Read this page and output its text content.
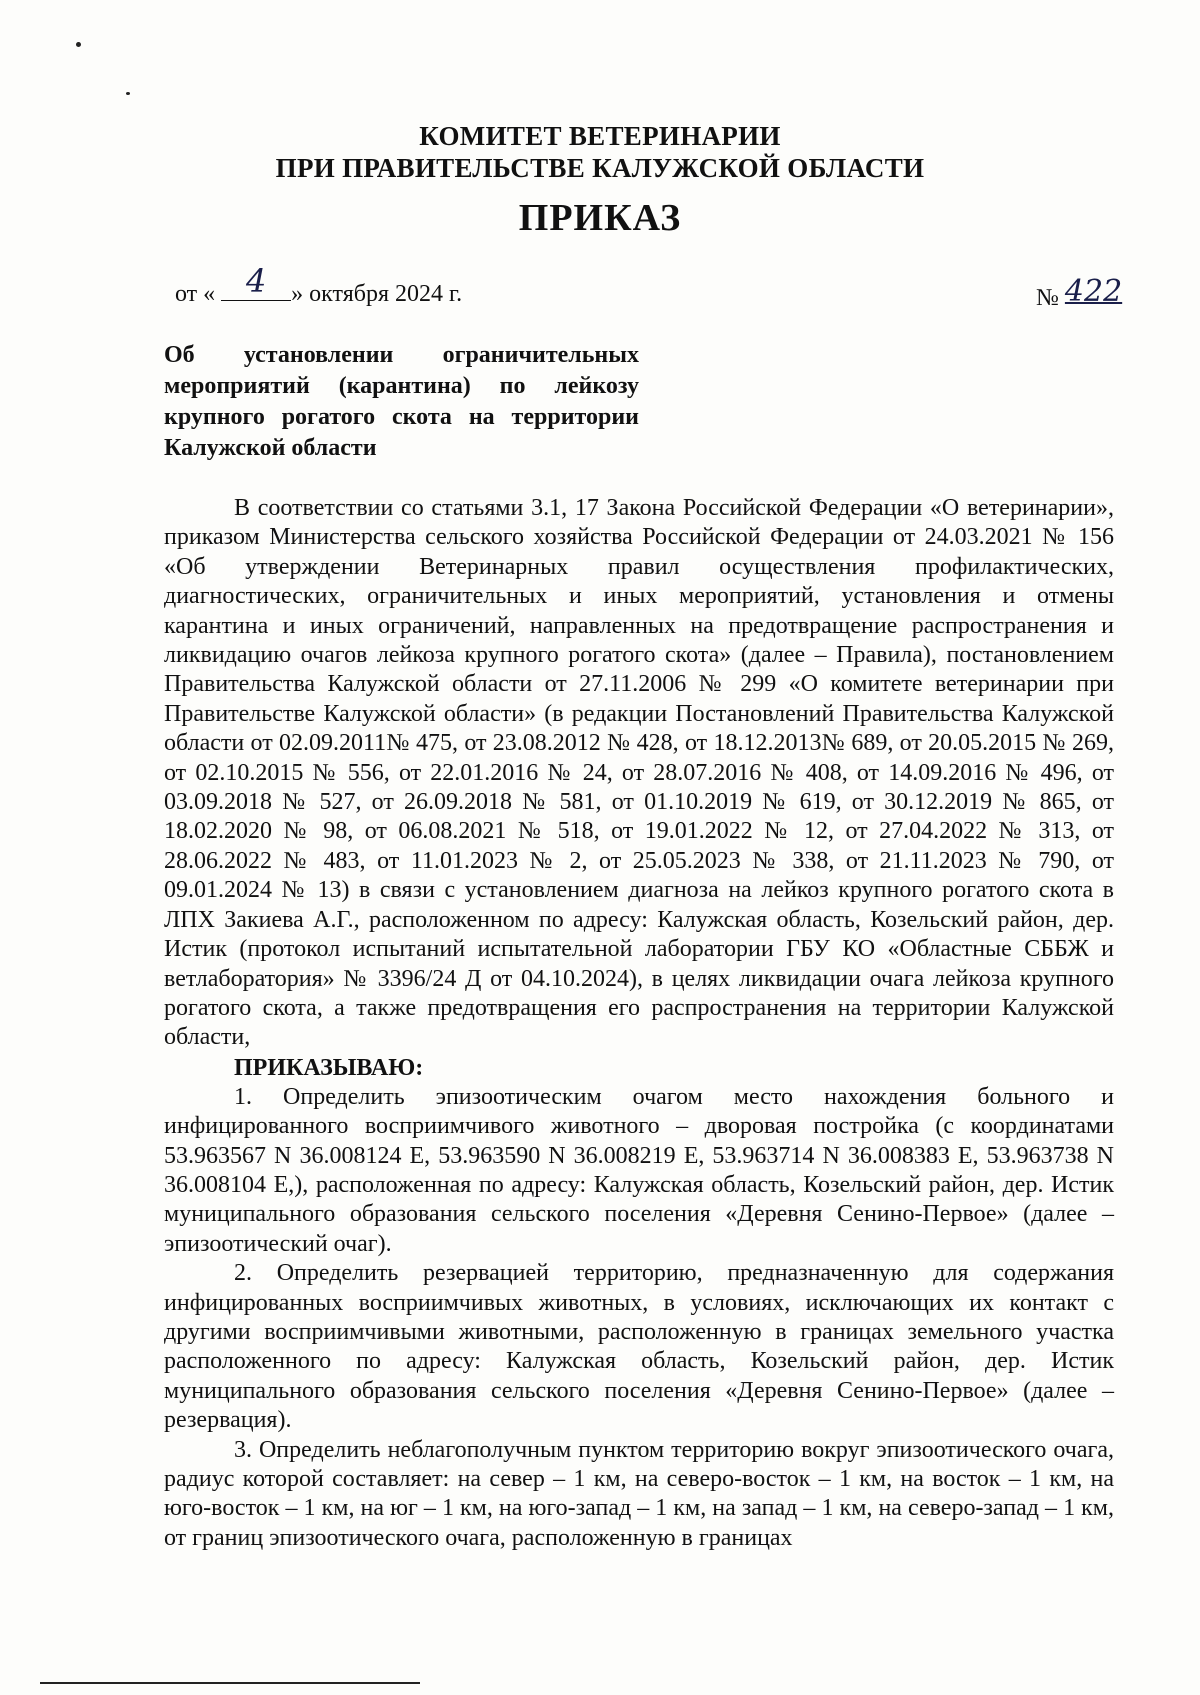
КОМИТЕТ ВЕТЕРИНАРИИ
ПРИ ПРАВИТЕЛЬСТВЕ КАЛУЖСКОЙ ОБЛАСТИ
ПРИКАЗ
от « 4	» октября 2024 г.	№ 422
Об установлении ограничительных
мероприятий (карантина) по лейкозу
крупного рогатого скота на территории
Калужской области

В соответствии со статьями 3.1, 17 Закона Российской Федерации «О ветеринарии», приказом Министерства сельского хозяйства Российской Федерации от 24.03.2021 № 156 «Об утверждении Ветеринарных правил осуществления профилактических, диагностических, ограничительных и иных мероприятий, установления и отмены карантина и иных ограничений, направленных на предотвращение распространения и ликвидацию очагов лейкоза крупного рогатого скота» (далее – Правила), постановлением Правительства Калужской области от 27.11.2006 № 299 «О комитете ветеринарии при Правительстве Калужской области» (в редакции Постановлений Правительства Калужской области от 02.09.2011№ 475, от 23.08.2012 № 428, от 18.12.2013№ 689, от 20.05.2015 № 269, от 02.10.2015 № 556, от 22.01.2016 № 24, от 28.07.2016 № 408, от 14.09.2016 № 496, от 03.09.2018 № 527, от 26.09.2018 № 581, от 01.10.2019 № 619, от 30.12.2019 № 865, от 18.02.2020 № 98, от 06.08.2021 № 518, от 19.01.2022 № 12, от 27.04.2022 № 313, от 28.06.2022 № 483, от 11.01.2023 № 2, от 25.05.2023 № 338, от 21.11.2023 № 790, от 09.01.2024 № 13) в связи с установлением диагноза на лейкоз крупного рогатого скота в ЛПХ Закиева А.Г., расположенном по адресу: Калужская область, Козельский район, дер. Истик (протокол испытаний испытательной лаборатории ГБУ КО «Областные СББЖ и ветлаборатория» № 3396/24 Д от 04.10.2024), в целях ликвидации очага лейкоза крупного рогатого скота, а также предотвращения его распространения на территории Калужской области,

ПРИКАЗЫВАЮ:

1. Определить эпизоотическим очагом место нахождения больного и инфицированного восприимчивого животного – дворовая постройка (с координатами 53.963567 N 36.008124 E, 53.963590 N 36.008219 E, 53.963714 N 36.008383 E, 53.963738 N 36.008104 E,), расположенная по адресу: Калужская область, Козельский район, дер. Истик муниципального образования сельского поселения «Деревня Сенино-Первое» (далее – эпизоотический очаг).

2. Определить резервацией территорию, предназначенную для содержания инфицированных восприимчивых животных, в условиях, исключающих их контакт с другими восприимчивыми животными, расположенную в границах земельного участка расположенного по адресу: Калужская область, Козельский район, дер. Истик муниципального образования сельского поселения «Деревня Сенино-Первое» (далее – резервация).

3. Определить неблагополучным пунктом территорию вокруг эпизоотического очага, радиус которой составляет: на север – 1 км, на северо-восток – 1 км, на восток – 1 км, на юго-восток – 1 км, на юг – 1 км, на юго-запад – 1 км, на запад – 1 км, на северо-запад – 1 км, от границ эпизоотического очага, расположенную в границах
